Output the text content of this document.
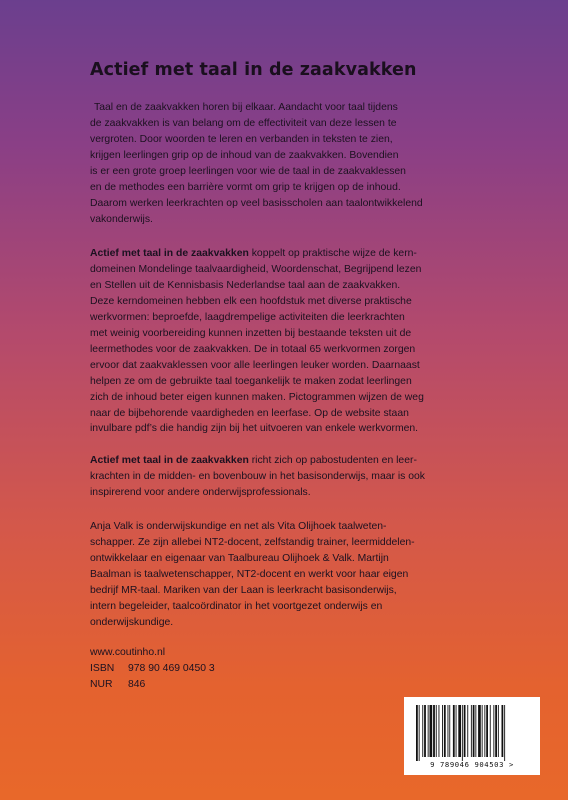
Actief met taal in de zaakvakken

Taal en de zaakvakken horen bij elkaar. Aandacht voor taal tijdens

de zaakvakken is van belang om de effectiviteit van deze lessen te

vergroten. Door woorden te leren en verbanden in teksten te zien,

krijgen leerlingen grip op de inhoud van de zaakvakken. Bovendien

is er een grote groep leerlingen voor wie de taal in de zaakvaklessen

en de methodes een barrière vormt om grip te krijgen op de inhoud.

Daarom werken leerkrachten op veel basisscholen aan taalontwikkelend

vakonderwijs.

Actief met taal in de zaakvakken koppelt op praktische wijze de kern-

domeinen Mondelinge taalvaardigheid, Woordenschat, Begrijpend lezen

en Stellen uit de Kennisbasis Nederlandse taal aan de zaakvakken.

Deze kerndomeinen hebben elk een hoofdstuk met diverse praktische

werkvormen: beproefde, laagdrempelige activiteiten die leerkrachten

met weinig voorbereiding kunnen inzetten bij bestaande teksten uit de

leermethodes voor de zaakvakken. De in totaal 65 werkvormen zorgen

ervoor dat zaakvaklessen voor alle leerlingen leuker worden. Daarnaast

helpen ze om de gebruikte taal toegankelijk te maken zodat leerlingen

zich de inhoud beter eigen kunnen maken. Pictogrammen wijzen de weg

naar de bijbehorende vaardigheden en leerfase. Op de website staan

invulbare pdf’s die handig zijn bij het uitvoeren van enkele werkvormen.

Actief met taal in de zaakvakken richt zich op pabostudenten en leer-

krachten in de midden- en bovenbouw in het basisonderwijs, maar is ook

inspirerend voor andere onderwijsprofessionals.

Anja Valk is onderwijskundige en net als Vita Olijhoek taalweten-

schapper. Ze zijn allebei NT2-docent, zelfstandig trainer, leermiddelen-

ontwikkelaar en eigenaar van Taalbureau Olijhoek & Valk. Martijn

Baalman is taalwetenschapper, NT2-docent en werkt voor haar eigen

bedrijf MR-taal. Mariken van der Laan is leerkracht basisonderwijs,

intern begeleider, taalcoördinator in het voortgezet onderwijs en

onderwijskundige.

www.coutinho.nl
ISBN	978 90 469 0450 3
NUR	846
9 789046 904503 >
